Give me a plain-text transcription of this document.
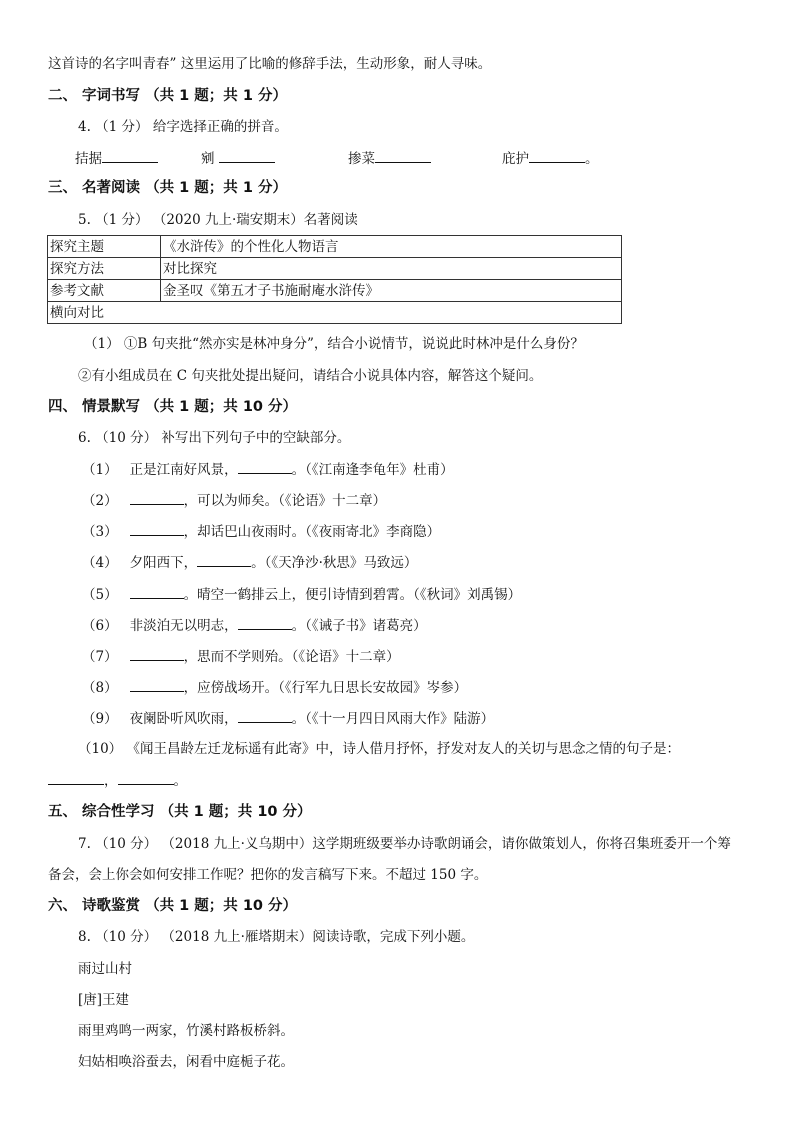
这首诗的名字叫青春” 这里运用了比喻的修辞手法，生动形象，耐人寻味。
二、 字词书写 （共 1 题；共 1 分）
4. （1 分） 给字选择正确的拼音。
拮据	剜	掺菜	庇护	。
三、 名著阅读 （共 1 题；共 1 分）
5. （1 分） （2020 九上·瑞安期末）名著阅读
探究主题	《水浒传》的个性化人物语言
探究方法	对比探究
参考文献	金圣叹《第五才子书施耐庵水浒传》
横向对比	
（1） ①B 句夹批“然亦实是林冲身分”，结合小说情节，说说此时林冲是什么身份？
②有小组成员在 C 句夹批处提出疑问，请结合小说具体内容，解答这个疑问。
四、 情景默写 （共 1 题；共 10 分）
6. （10 分） 补写出下列句子中的空缺部分。
（1） 正是江南好风景，	。（《江南逢李龟年》杜甫）
（2）	，可以为师矣。（《论语》十二章）
（3）	，却话巴山夜雨时。（《夜雨寄北》李商隐）
（4） 夕阳西下，	。（《天净沙·秋思》马致远）
（5）	。晴空一鹤排云上，便引诗情到碧霄。（《秋词》刘禹锡）
（6） 非淡泊无以明志，	。（《诫子书》诸葛亮）
（7）	，思而不学则殆。（《论语》十二章）
（8）	，应傍战场开。（《行军九日思长安故园》岑参）
（9） 夜阑卧听风吹雨，	。（《十一月四日风雨大作》陆游）
（10） 《闻王昌龄左迁龙标遥有此寄》中，诗人借月抒怀，抒发对友人的关切与思念之情的句子是：
，	。
五、 综合性学习 （共 1 题；共 10 分）
7. （10 分） （2018 九上·义乌期中）这学期班级要举办诗歌朗诵会，请你做策划人，你将召集班委开一个筹
备会，会上你会如何安排工作呢？把你的发言稿写下来。不超过 150 字。
六、 诗歌鉴赏 （共 1 题；共 10 分）
8. （10 分） （2018 九上·雁塔期末）阅读诗歌，完成下列小题。
雨过山村
[唐]王建
雨里鸡鸣一两家，竹溪村路板桥斜。
妇姑相唤浴蚕去，闲看中庭栀子花。
